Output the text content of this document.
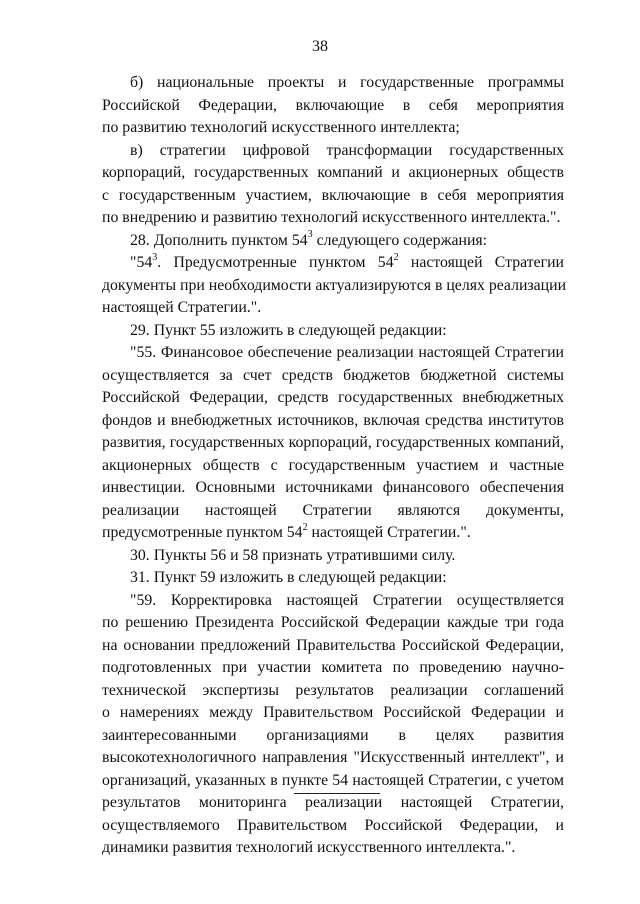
38
б) национальные проекты и государственные программы
Российской Федерации, включающие в себя мероприятия
по развитию технологий искусственного интеллекта;
в) стратегии цифровой трансформации государственных
корпораций, государственных компаний и акционерных обществ
с государственным участием, включающие в себя мероприятия
по внедрению и развитию технологий искусственного интеллекта.".
28. Дополнить пунктом $54^3$ следующего содержания:
"$54^3$. Предусмотренные пунктом $54^2$ настоящей Стратегии
документы при необходимости актуализируются в целях реализации
настоящей Стратегии.".
29. Пункт 55 изложить в следующей редакции:
"55. Финансовое обеспечение реализации настоящей Стратегии
осуществляется за счет средств бюджетов бюджетной системы
Российской Федерации, средств государственных внебюджетных
фондов и внебюджетных источников, включая средства институтов
развития, государственных корпораций, государственных компаний,
акционерных обществ с государственным участием и частные
инвестиции. Основными источниками финансового обеспечения
реализации настоящей Стратегии являются документы,
предусмотренные пунктом $54^2$ настоящей Стратегии.".
30. Пункты 56 и 58 признать утратившими силу.
31. Пункт 59 изложить в следующей редакции:
"59. Корректировка настоящей Стратегии осуществляется
по решению Президента Российской Федерации каждые три года
на основании предложений Правительства Российской Федерации,
подготовленных при участии комитета по проведению научно-
технической экспертизы результатов реализации соглашений
о намерениях между Правительством Российской Федерации и
заинтересованными организациями в целях развития
высокотехнологичного направления "Искусственный интеллект", и
организаций, указанных в пункте 54 настоящей Стратегии, с учетом
результатов мониторинга реализации настоящей Стратегии,
осуществляемого Правительством Российской Федерации, и
динамики развития технологий искусственного интеллекта.".
